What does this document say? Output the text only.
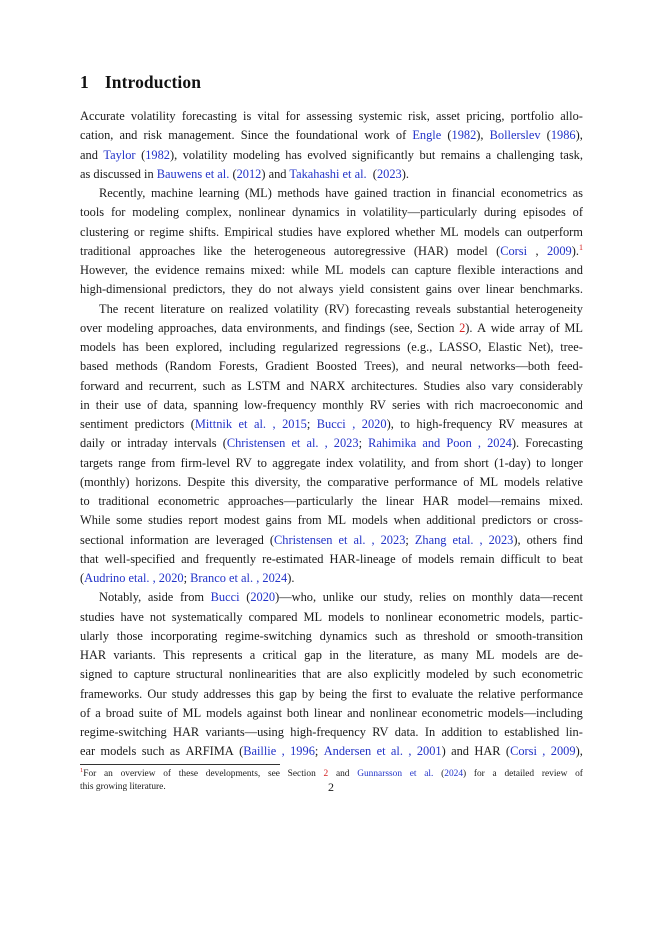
1 Introduction
Accurate volatility forecasting is vital for assessing systemic risk, asset pricing, portfolio allo-
cation, and risk management. Since the foundational work of Engle (1982), Bollerslev (1986),
and Taylor (1982), volatility modeling has evolved significantly but remains a challenging task,
as discussed in Bauwens et al. (2012) and Takahashi et al.  (2023).
Recently, machine learning (ML) methods have gained traction in financial econometrics as
tools for modeling complex, nonlinear dynamics in volatility—particularly during episodes of
clustering or regime shifts. Empirical studies have explored whether ML models can outperform
traditional approaches like the heterogeneous autoregressive (HAR) model (Corsi , 2009).$^1$
However, the evidence remains mixed: while ML models can capture flexible interactions and
high-dimensional predictors, they do not always yield consistent gains over linear benchmarks.
The recent literature on realized volatility (RV) forecasting reveals substantial heterogeneity
over modeling approaches, data environments, and findings (see, Section 2). A wide array of ML
models has been explored, including regularized regressions (e.g., LASSO, Elastic Net), tree-
based methods (Random Forests, Gradient Boosted Trees), and neural networks—both feed-
forward and recurrent, such as LSTM and NARX architectures. Studies also vary considerably
in their use of data, spanning low-frequency monthly RV series with rich macroeconomic and
sentiment predictors (Mittnik et al. , 2015; Bucci , 2020), to high-frequency RV measures at
daily or intraday intervals (Christensen et al. , 2023; Rahimika and Poon , 2024). Forecasting
targets range from firm-level RV to aggregate index volatility, and from short (1-day) to longer
(monthly) horizons. Despite this diversity, the comparative performance of ML models relative
to traditional econometric approaches—particularly the linear HAR model—remains mixed.
While some studies report modest gains from ML models when additional predictors or cross-
sectional information are leveraged (Christensen et al. , 2023; Zhang etal. , 2023), others find
that well-specified and frequently re-estimated HAR-lineage of models remain difficult to beat
(Audrino etal. , 2020; Branco et al. , 2024).
Notably, aside from Bucci (2020)—who, unlike our study, relies on monthly data—recent
studies have not systematically compared ML models to nonlinear econometric models, partic-
ularly those incorporating regime-switching dynamics such as threshold or smooth-transition
HAR variants. This represents a critical gap in the literature, as many ML models are de-
signed to capture structural nonlinearities that are also explicitly modeled by such econometric
frameworks. Our study addresses this gap by being the first to evaluate the relative performance
of a broad suite of ML models against both linear and nonlinear econometric models—including
regime-switching HAR variants—using high-frequency RV data. In addition to established lin-
ear models such as ARFIMA (Baillie , 1996; Andersen et al. , 2001) and HAR (Corsi , 2009),
$^1$For an overview of these developments, see Section 2 and Gunnarsson et al. (2024) for a detailed review of
this growing literature.	2
